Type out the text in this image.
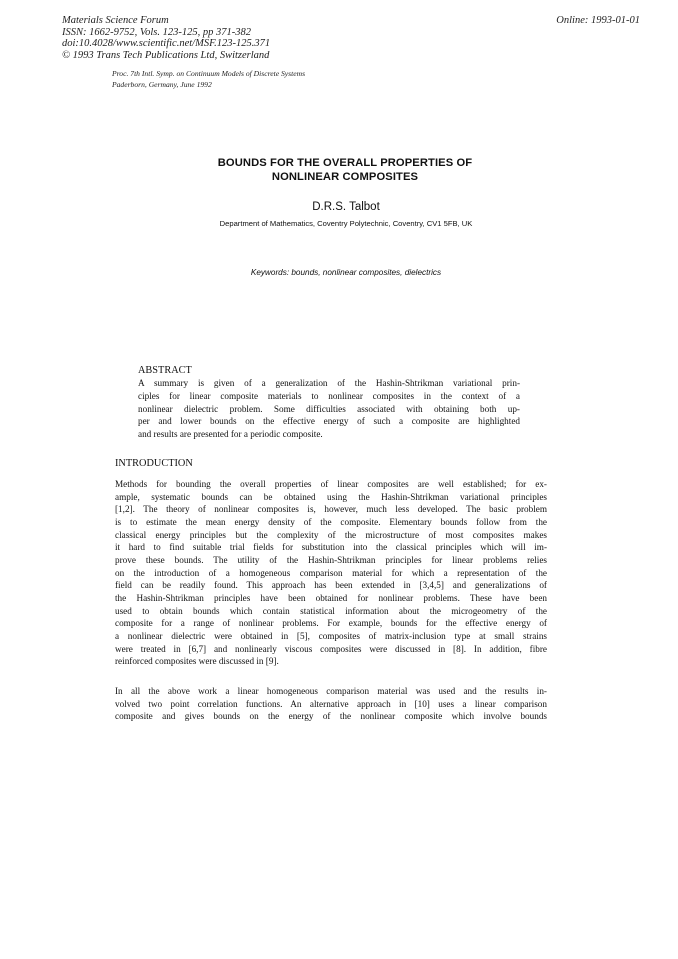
Materials Science Forum
ISSN: 1662-9752, Vols. 123-125, pp 371-382
doi:10.4028/www.scientific.net/MSF.123-125.371
© 1993 Trans Tech Publications Ltd, Switzerland
Online: 1993-01-01
Proc. 7th Intl. Symp. on Continuum Models of Discrete Systems
Paderborn, Germany, June 1992
BOUNDS FOR THE OVERALL PROPERTIES OF
NONLINEAR COMPOSITES
D.R.S. Talbot
Department of Mathematics, Coventry Polytechnic, Coventry, CV1 5FB, UK
Keywords: bounds, nonlinear composites, dielectrics
ABSTRACT
A summary is given of a generalization of the Hashin-Shtrikman variational prin-
ciples for linear composite materials to nonlinear composites in the context of a
nonlinear dielectric problem. Some difficulties associated with obtaining both up-
per and lower bounds on the effective energy of such a composite are highlighted
and results are presented for a periodic composite.
INTRODUCTION
Methods for bounding the overall properties of linear composites are well established; for ex-
ample, systematic bounds can be obtained using the Hashin-Shtrikman variational principles
[1,2]. The theory of nonlinear composites is, however, much less developed. The basic problem
is to estimate the mean energy density of the composite. Elementary bounds follow from the
classical energy principles but the complexity of the microstructure of most composites makes
it hard to find suitable trial fields for substitution into the classical principles which will im-
prove these bounds. The utility of the Hashin-Shtrikman principles for linear problems relies
on the introduction of a homogeneous comparison material for which a representation of the
field can be readily found. This approach has been extended in [3,4,5] and generalizations of
the Hashin-Shtrikman principles have been obtained for nonlinear problems. These have been
used to obtain bounds which contain statistical information about the microgeometry of the
composite for a range of nonlinear problems. For example, bounds for the effective energy of
a nonlinear dielectric were obtained in [5], composites of matrix-inclusion type at small strains
were treated in [6,7] and nonlinearly viscous composites were discussed in [8]. In addition, fibre
reinforced composites were discussed in [9].
In all the above work a linear homogeneous comparison material was used and the results in-
volved two point correlation functions. An alternative approach in [10] uses a linear comparison
composite and gives bounds on the energy of the nonlinear composite which involve bounds
